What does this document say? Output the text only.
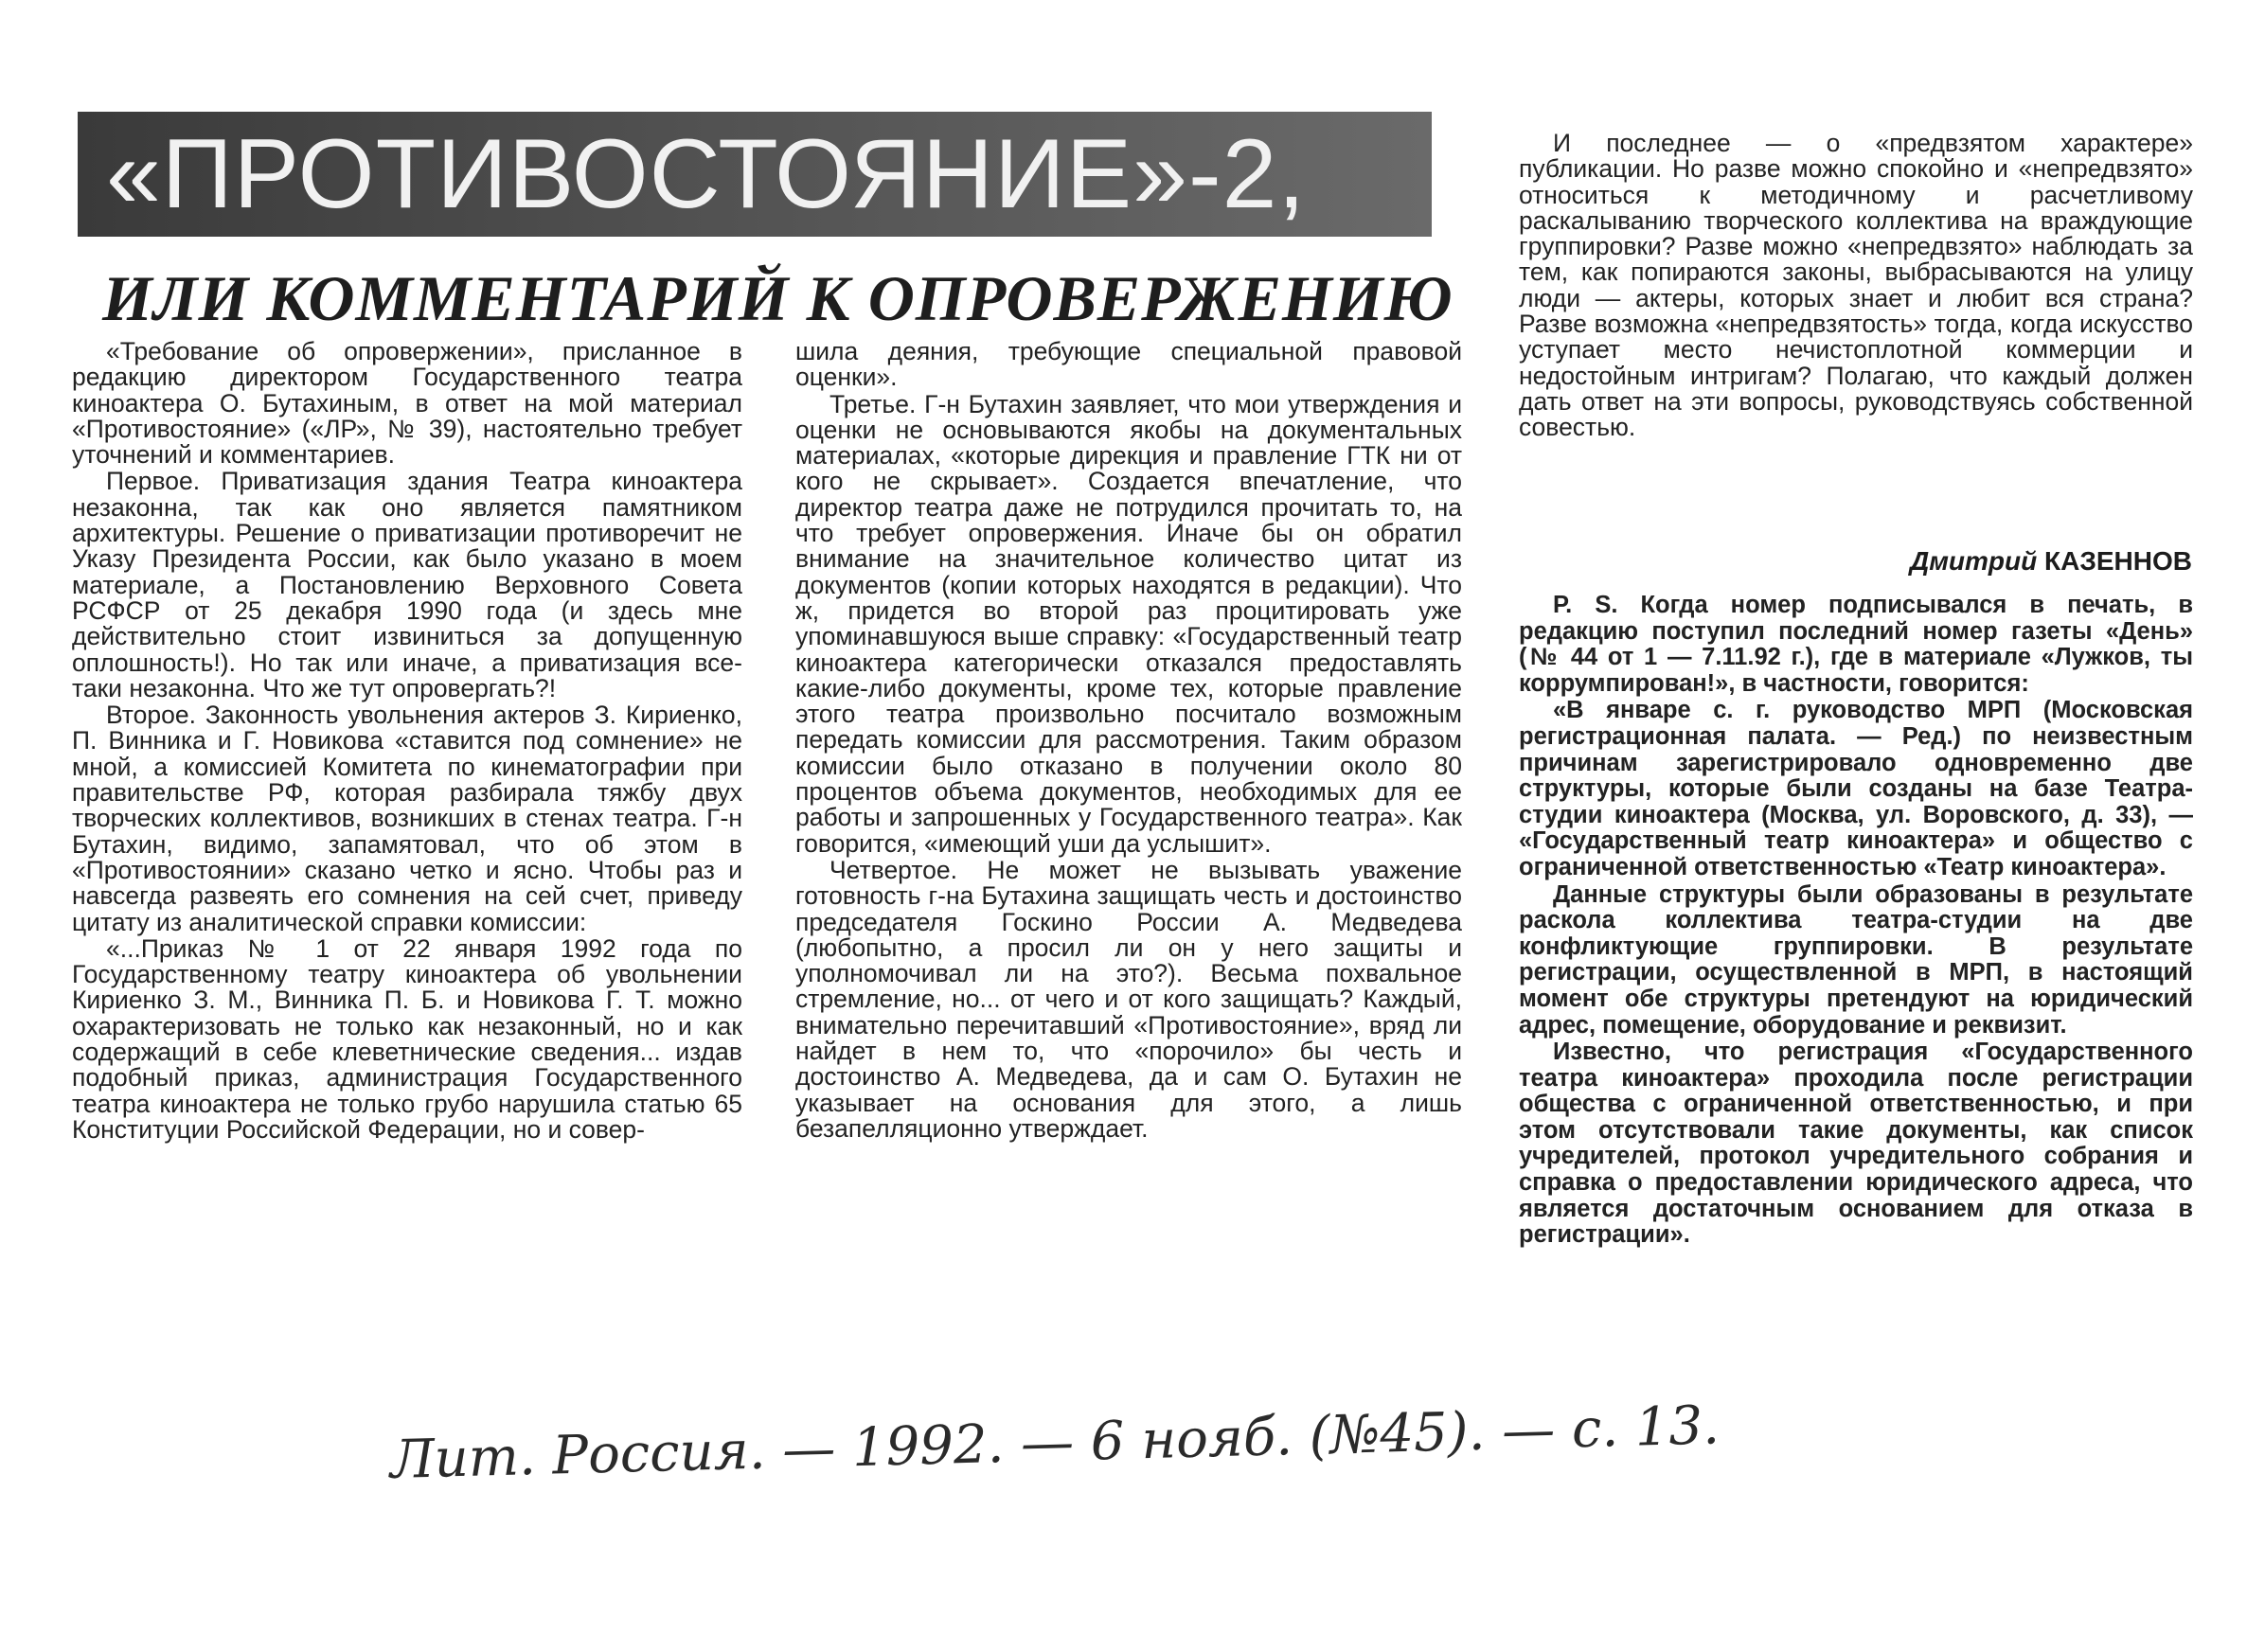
«ПРОТИВОСТОЯНИЕ»-2,
ИЛИ КОММЕНТАРИЙ К ОПРОВЕРЖЕНИЮ

«Требование об опровержении», присланное в редакцию директором Государственного театра киноактера О. Бутахиным, в ответ на мой материал «Противостояние» («ЛР», № 39), настоятельно требует уточнений и комментариев.

Первое. Приватизация здания Театра киноактера незаконна, так как оно является памятником архитектуры. Решение о приватизации противоречит не Указу Президента России, как было указано в моем материале, а Постановлению Верховного Совета РСФСР от 25 декабря 1990 года (и здесь мне действительно стоит извиниться за допущенную оплошность!). Но так или иначе, а приватизация все-таки незаконна. Что же тут опровергать?!

Второе. Законность увольнения актеров З. Кириенко, П. Винника и Г. Новикова «ставится под сомнение» не мной, а комиссией Комитета по кинематографии при правительстве РФ, которая разбирала тяжбу двух творческих коллективов, возникших в стенах театра. Г-н Бутахин, видимо, запамятовал, что об этом в «Противостоянии» сказано четко и ясно. Чтобы раз и навсегда развеять его сомнения на сей счет, приведу цитату из аналитической справки комиссии:

«...Приказ № 1 от 22 января 1992 года по Государственному театру киноактера об увольнении Кириенко З. М., Винника П. Б. и Новикова Г. Т. можно охарактеризовать не только как незаконный, но и как содержащий в себе клеветнические сведения... издав подобный приказ, администрация Государственного театра киноактера не только грубо нарушила статью 65 Конституции Российской Федерации, но и совер-

шила деяния, требующие специальной правовой оценки».

Третье. Г-н Бутахин заявляет, что мои утверждения и оценки не основываются якобы на документальных материалах, «которые дирекция и правление ГТК ни от кого не скрывает». Создается впечатление, что директор театра даже не потрудился прочитать то, на что требует опровержения. Иначе бы он обратил внимание на значительное количество цитат из документов (копии которых находятся в редакции). Что ж, придется во второй раз процитировать уже упоминавшуюся выше справку: «Государственный театр киноактера категорически отказался предоставлять какие-либо документы, кроме тех, которые правление этого театра произвольно посчитало возможным передать комиссии для рассмотрения. Таким образом комиссии было отказано в получении около 80 процентов объема документов, необходимых для ее работы и запрошенных у Государственного театра». Как говорится, «имеющий уши да услышит».

Четвертое. Не может не вызывать уважение готовность г-на Бутахина защищать честь и достоинство председателя Госкино России А. Медведева (любопытно, а просил ли он у него защиты и уполномочивал ли на это?). Весьма похвальное стремление, но... от чего и от кого защищать? Каждый, внимательно перечитавший «Противостояние», вряд ли найдет в нем то, что «порочило» бы честь и достоинство А. Медведева, да и сам О. Бутахин не указывает на основания для этого, а лишь безапелляционно утверждает.

И последнее — о «предвзятом характере» публикации. Но разве можно спокойно и «непредвзято» относиться к методичному и расчетливому раскалыванию творческого коллектива на враждующие группировки? Разве можно «непредвзято» наблюдать за тем, как попираются законы, выбрасываются на улицу люди — актеры, которых знает и любит вся страна? Разве возможна «непредвзятость» тогда, когда искусство уступает место нечистоплотной коммерции и недостойным интригам? Полагаю, что каждый должен дать ответ на эти вопросы, руководствуясь собственной совестью.

Дмитрий КАЗЕННОВ

Р. S. Когда номер подписывался в печать, в редакцию поступил последний номер газеты «День» (№ 44 от 1 — 7.11.92 г.), где в материале «Лужков, ты коррумпирован!», в частности, говорится:

«В январе с. г. руководство МРП (Московская регистрационная палата. — Ред.) по неизвестным причинам зарегистрировало одновременно две структуры, которые были созданы на базе Театра-студии киноактера (Москва, ул. Воровского, д. 33), — «Государственный театр киноактера» и общество с ограниченной ответственностью «Театр киноактера».

Данные структуры были образованы в результате раскола коллектива театра-студии на две конфликтующие группировки. В результате регистрации, осуществленной в МРП, в настоящий момент обе структуры претендуют на юридический адрес, помещение, оборудование и реквизит.

Известно, что регистрация «Государственного театра киноактера» проходила после регистрации общества с ограниченной ответственностью, и при этом отсутствовали такие документы, как список учредителей, протокол учредительного собрания и справка о предоставлении юридического адреса, что является достаточным основанием для отказа в регистрации».

Лит. Россия. — 1992. — 6 нояб. (№45). — с. 13.
